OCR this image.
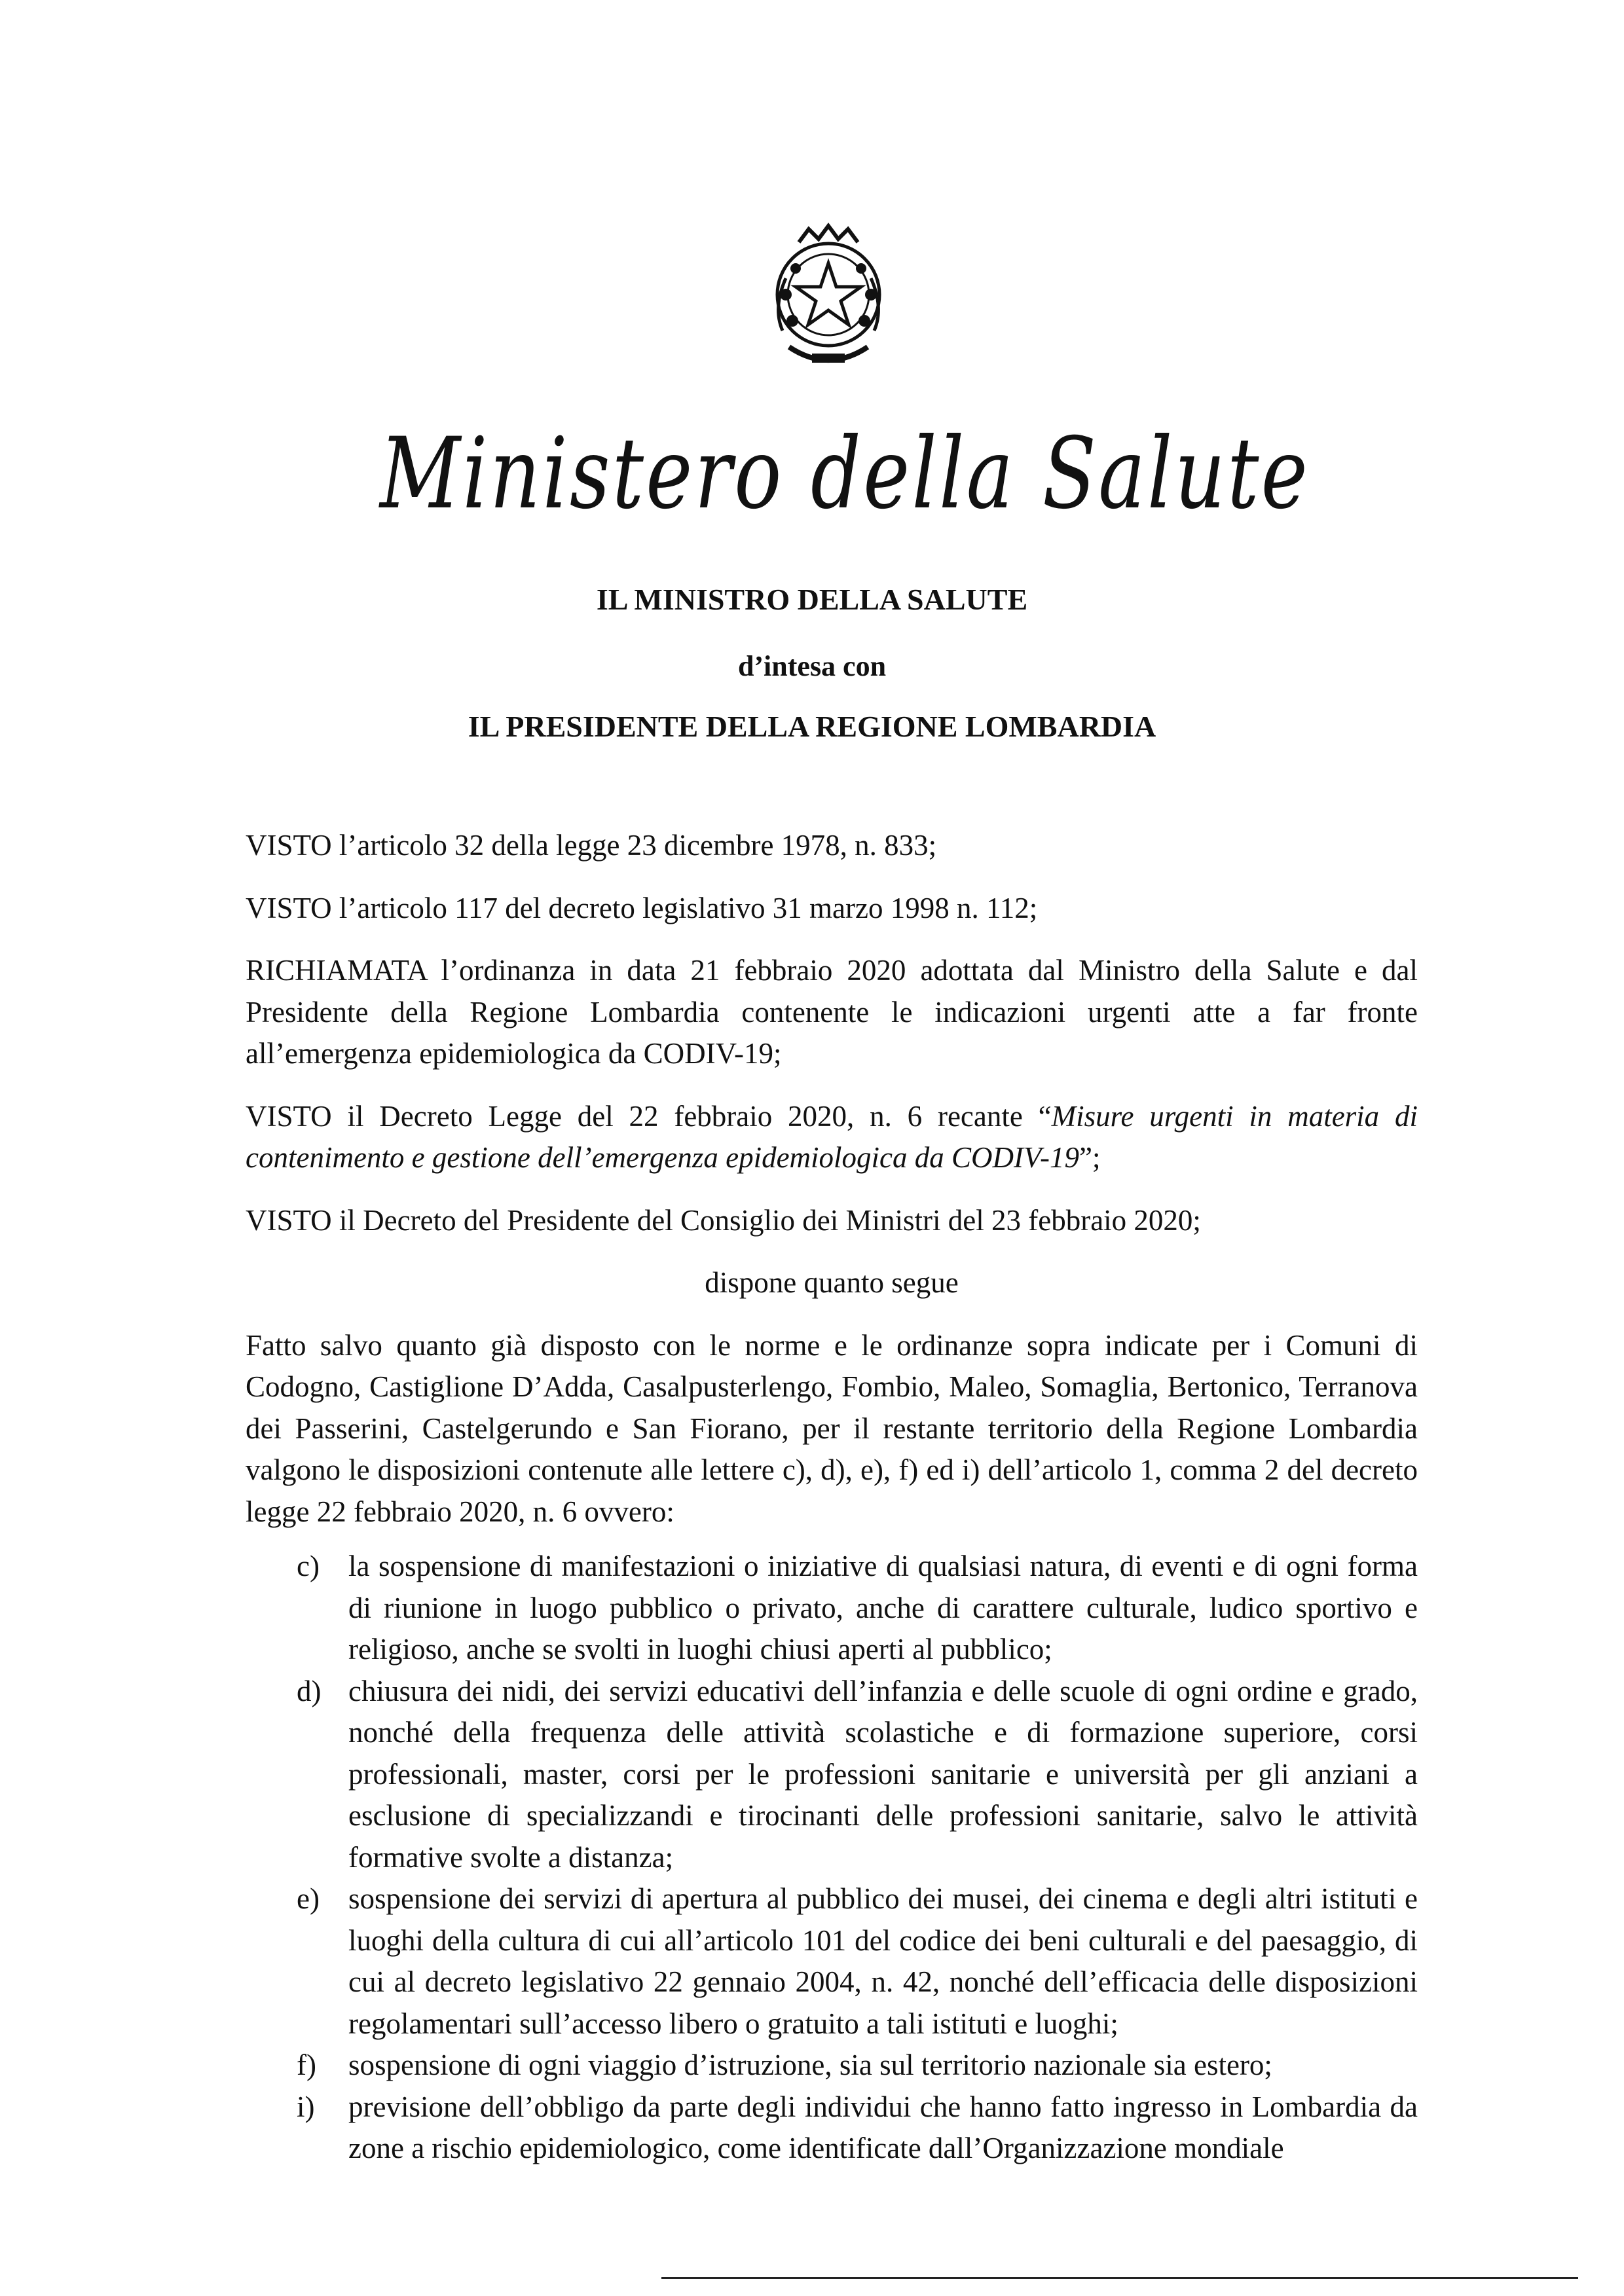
Ministero della Salute
IL MINISTRO DELLA SALUTE
d’intesa con
IL PRESIDENTE DELLA REGIONE LOMBARDIA

VISTO l’articolo 32 della legge 23 dicembre 1978, n. 833;

VISTO l’articolo 117 del decreto legislativo 31 marzo 1998 n. 112;

RICHIAMATA l’ordinanza in data 21 febbraio 2020 adottata dal Ministro della Salute e dal Presidente della Regione Lombardia contenente le indicazioni urgenti atte a far fronte all’emergenza epidemiologica da CODIV-19;

VISTO il Decreto Legge del 22 febbraio 2020, n. 6 recante “Misure urgenti in materia di contenimento e gestione dell’emergenza epidemiologica da CODIV-19”;

VISTO il Decreto del Presidente del Consiglio dei Ministri del 23 febbraio 2020;

dispone quanto segue

Fatto salvo quanto già disposto con le norme e le ordinanze sopra indicate per i Comuni di Codogno, Castiglione D’Adda, Casalpusterlengo, Fombio, Maleo, Somaglia, Bertonico, Terranova dei Passerini, Castelgerundo e San Fiorano, per il restante territorio della Regione Lombardia valgono le disposizioni contenute alle lettere c), d), e), f) ed i) dell’articolo 1, comma 2 del decreto legge 22 febbraio 2020, n. 6 ovvero:

c) la sospensione di manifestazioni o iniziative di qualsiasi natura, di eventi e di ogni forma di riunione in luogo pubblico o privato, anche di carattere culturale, ludico sportivo e religioso, anche se svolti in luoghi chiusi aperti al pubblico;
d) chiusura dei nidi, dei servizi educativi dell’infanzia e delle scuole di ogni ordine e grado, nonché della frequenza delle attività scolastiche e di formazione superiore, corsi professionali, master, corsi per le professioni sanitarie e università per gli anziani a esclusione di specializzandi e tirocinanti delle professioni sanitarie, salvo le attività formative svolte a distanza;
e) sospensione dei servizi di apertura al pubblico dei musei, dei cinema e degli altri istituti e luoghi della cultura di cui all’articolo 101 del codice dei beni culturali e del paesaggio, di cui al decreto legislativo 22 gennaio 2004, n. 42, nonché dell’efficacia delle disposizioni regolamentari sull’accesso libero o gratuito a tali istituti e luoghi;
f) sospensione di ogni viaggio d’istruzione, sia sul territorio nazionale sia estero;
i) previsione dell’obbligo da parte degli individui che hanno fatto ingresso in Lombardia da zone a rischio epidemiologico, come identificate dall’Organizzazione mondiale
